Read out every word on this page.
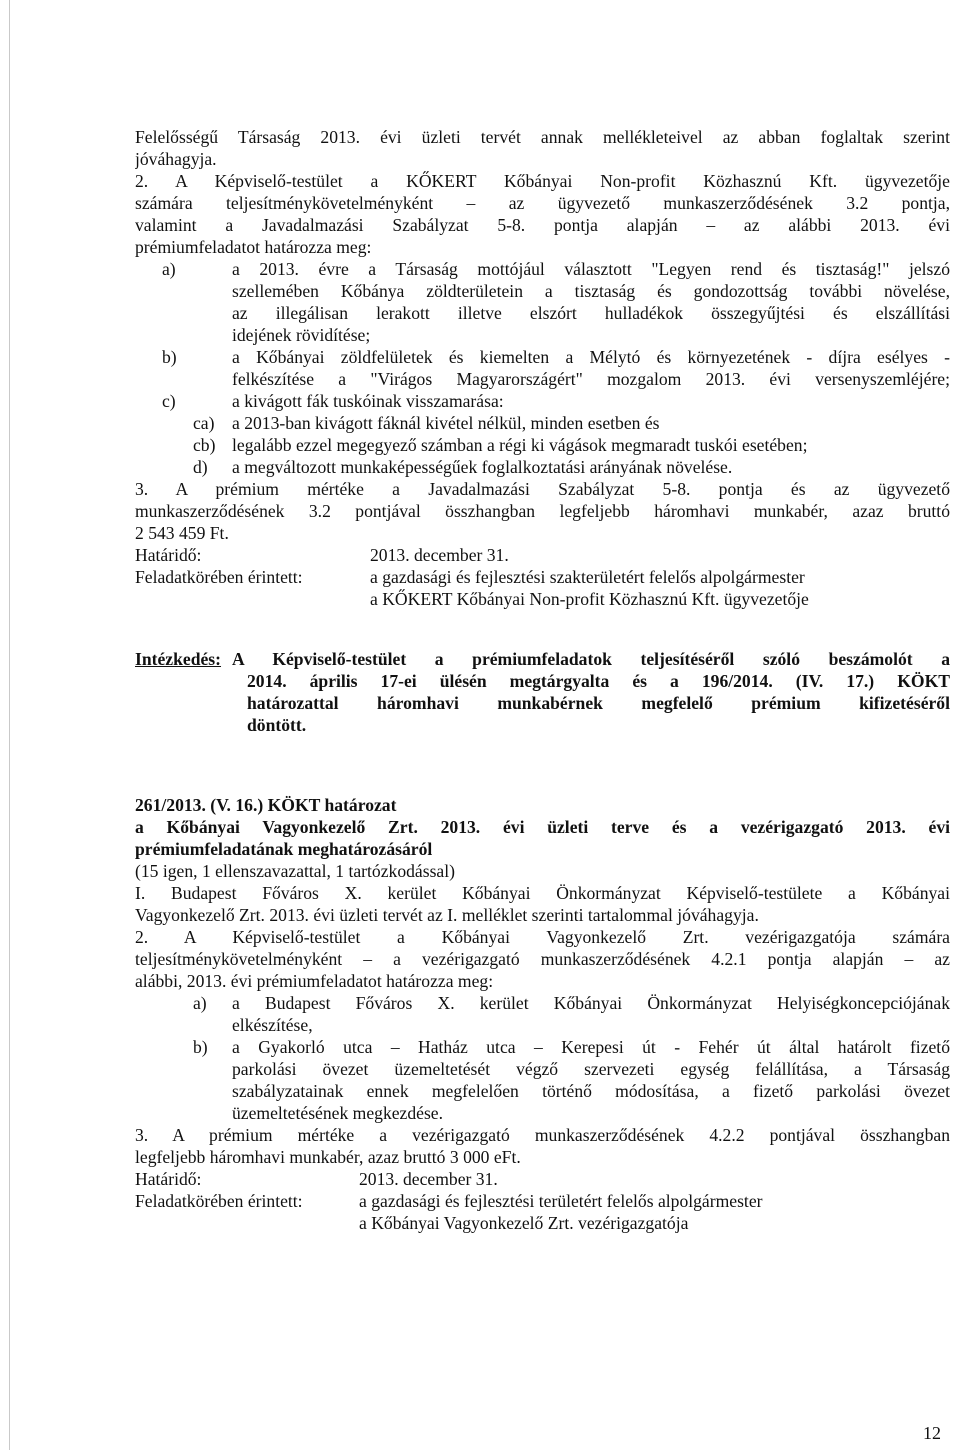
Felelősségű Társaság 2013. évi üzleti tervét annak mellékleteivel az abban foglaltak szerint
jóváhagyja.
2. A Képviselő-testület a KŐKERT Kőbányai Non-profit Közhasznú Kft. ügyvezetője
számára teljesítménykövetelményként – az ügyvezető munkaszerződésének 3.2 pontja,
valamint a Javadalmazási Szabályzat 5-8. pontja alapján – az alábbi 2013. évi
prémiumfeladatot határozza meg:
a)	a 2013. évre a Társaság mottójául választott "Legyen rend és tisztaság!" jelszó
szellemében Kőbánya zöldterületein a tisztaság és gondozottság további növelése,
az illegálisan lerakott illetve elszórt hulladékok összegyűjtési és elszállítási
idejének rövidítése;
b)	a Kőbányai zöldfelületek és kiemelten a Mélytó és környezetének - díjra esélyes -
felkészítése a "Virágos Magyarországért" mozgalom 2013. évi versenyszemléjére;
c)	a kivágott fák tuskóinak visszamarása:
ca) a 2013-ban kivágott fáknál kivétel nélkül, minden esetben és
cb) legalább ezzel megegyező számban a régi ki vágások megmaradt tuskói esetében;
d) a megváltozott munkaképességűek foglalkoztatási arányának növelése.
3. A prémium mértéke a Javadalmazási Szabályzat 5-8. pontja és az ügyvezető
munkaszerződésének 3.2 pontjával összhangban legfeljebb háromhavi munkabér, azaz bruttó
2 543 459 Ft.
Határidő:	2013. december 31.
Feladatkörében érintett:	a gazdasági és fejlesztési szakterületért felelős alpolgármester
a KŐKERT Kőbányai Non-profit Közhasznú Kft. ügyvezetője
Intézkedés: A Képviselő-testület a prémiumfeladatok teljesítéséről szóló beszámolót a
2014. április 17-ei ülésén megtárgyalta és a 196/2014. (IV. 17.) KÖKT
határozattal háromhavi munkabérnek megfelelő prémium kifizetéséről
döntött.
261/2013. (V. 16.) KÖKT határozat
a Kőbányai Vagyonkezelő Zrt. 2013. évi üzleti terve és a vezérigazgató 2013. évi
prémiumfeladatának meghatározásáról
(15 igen, 1 ellenszavazattal, 1 tartózkodással)
I. Budapest Főváros X. kerület Kőbányai Önkormányzat Képviselő-testülete a Kőbányai
Vagyonkezelő Zrt. 2013. évi üzleti tervét az I. melléklet szerinti tartalommal jóváhagyja.
2. A Képviselő-testület a Kőbányai Vagyonkezelő Zrt. vezérigazgatója számára
teljesítménykövetelményként – a vezérigazgató munkaszerződésének 4.2.1 pontja alapján – az
alábbi, 2013. évi prémiumfeladatot határozza meg:
a) a Budapest Főváros X. kerület Kőbányai Önkormányzat Helyiségkoncepciójának
elkészítése,
b) a Gyakorló utca – Hatház utca – Kerepesi út - Fehér út által határolt fizető
parkolási övezet üzemeltetését végző szervezeti egység felállítása, a Társaság
szabályzatainak ennek megfelelően történő módosítása, a fizető parkolási övezet
üzemeltetésének megkezdése.
3. A prémium mértéke a vezérigazgató munkaszerződésének 4.2.2 pontjával összhangban
legfeljebb háromhavi munkabér, azaz bruttó 3 000 eFt.
Határidő:	2013. december 31.
Feladatkörében érintett:	a gazdasági és fejlesztési területért felelős alpolgármester
a Kőbányai Vagyonkezelő Zrt. vezérigazgatója
12
